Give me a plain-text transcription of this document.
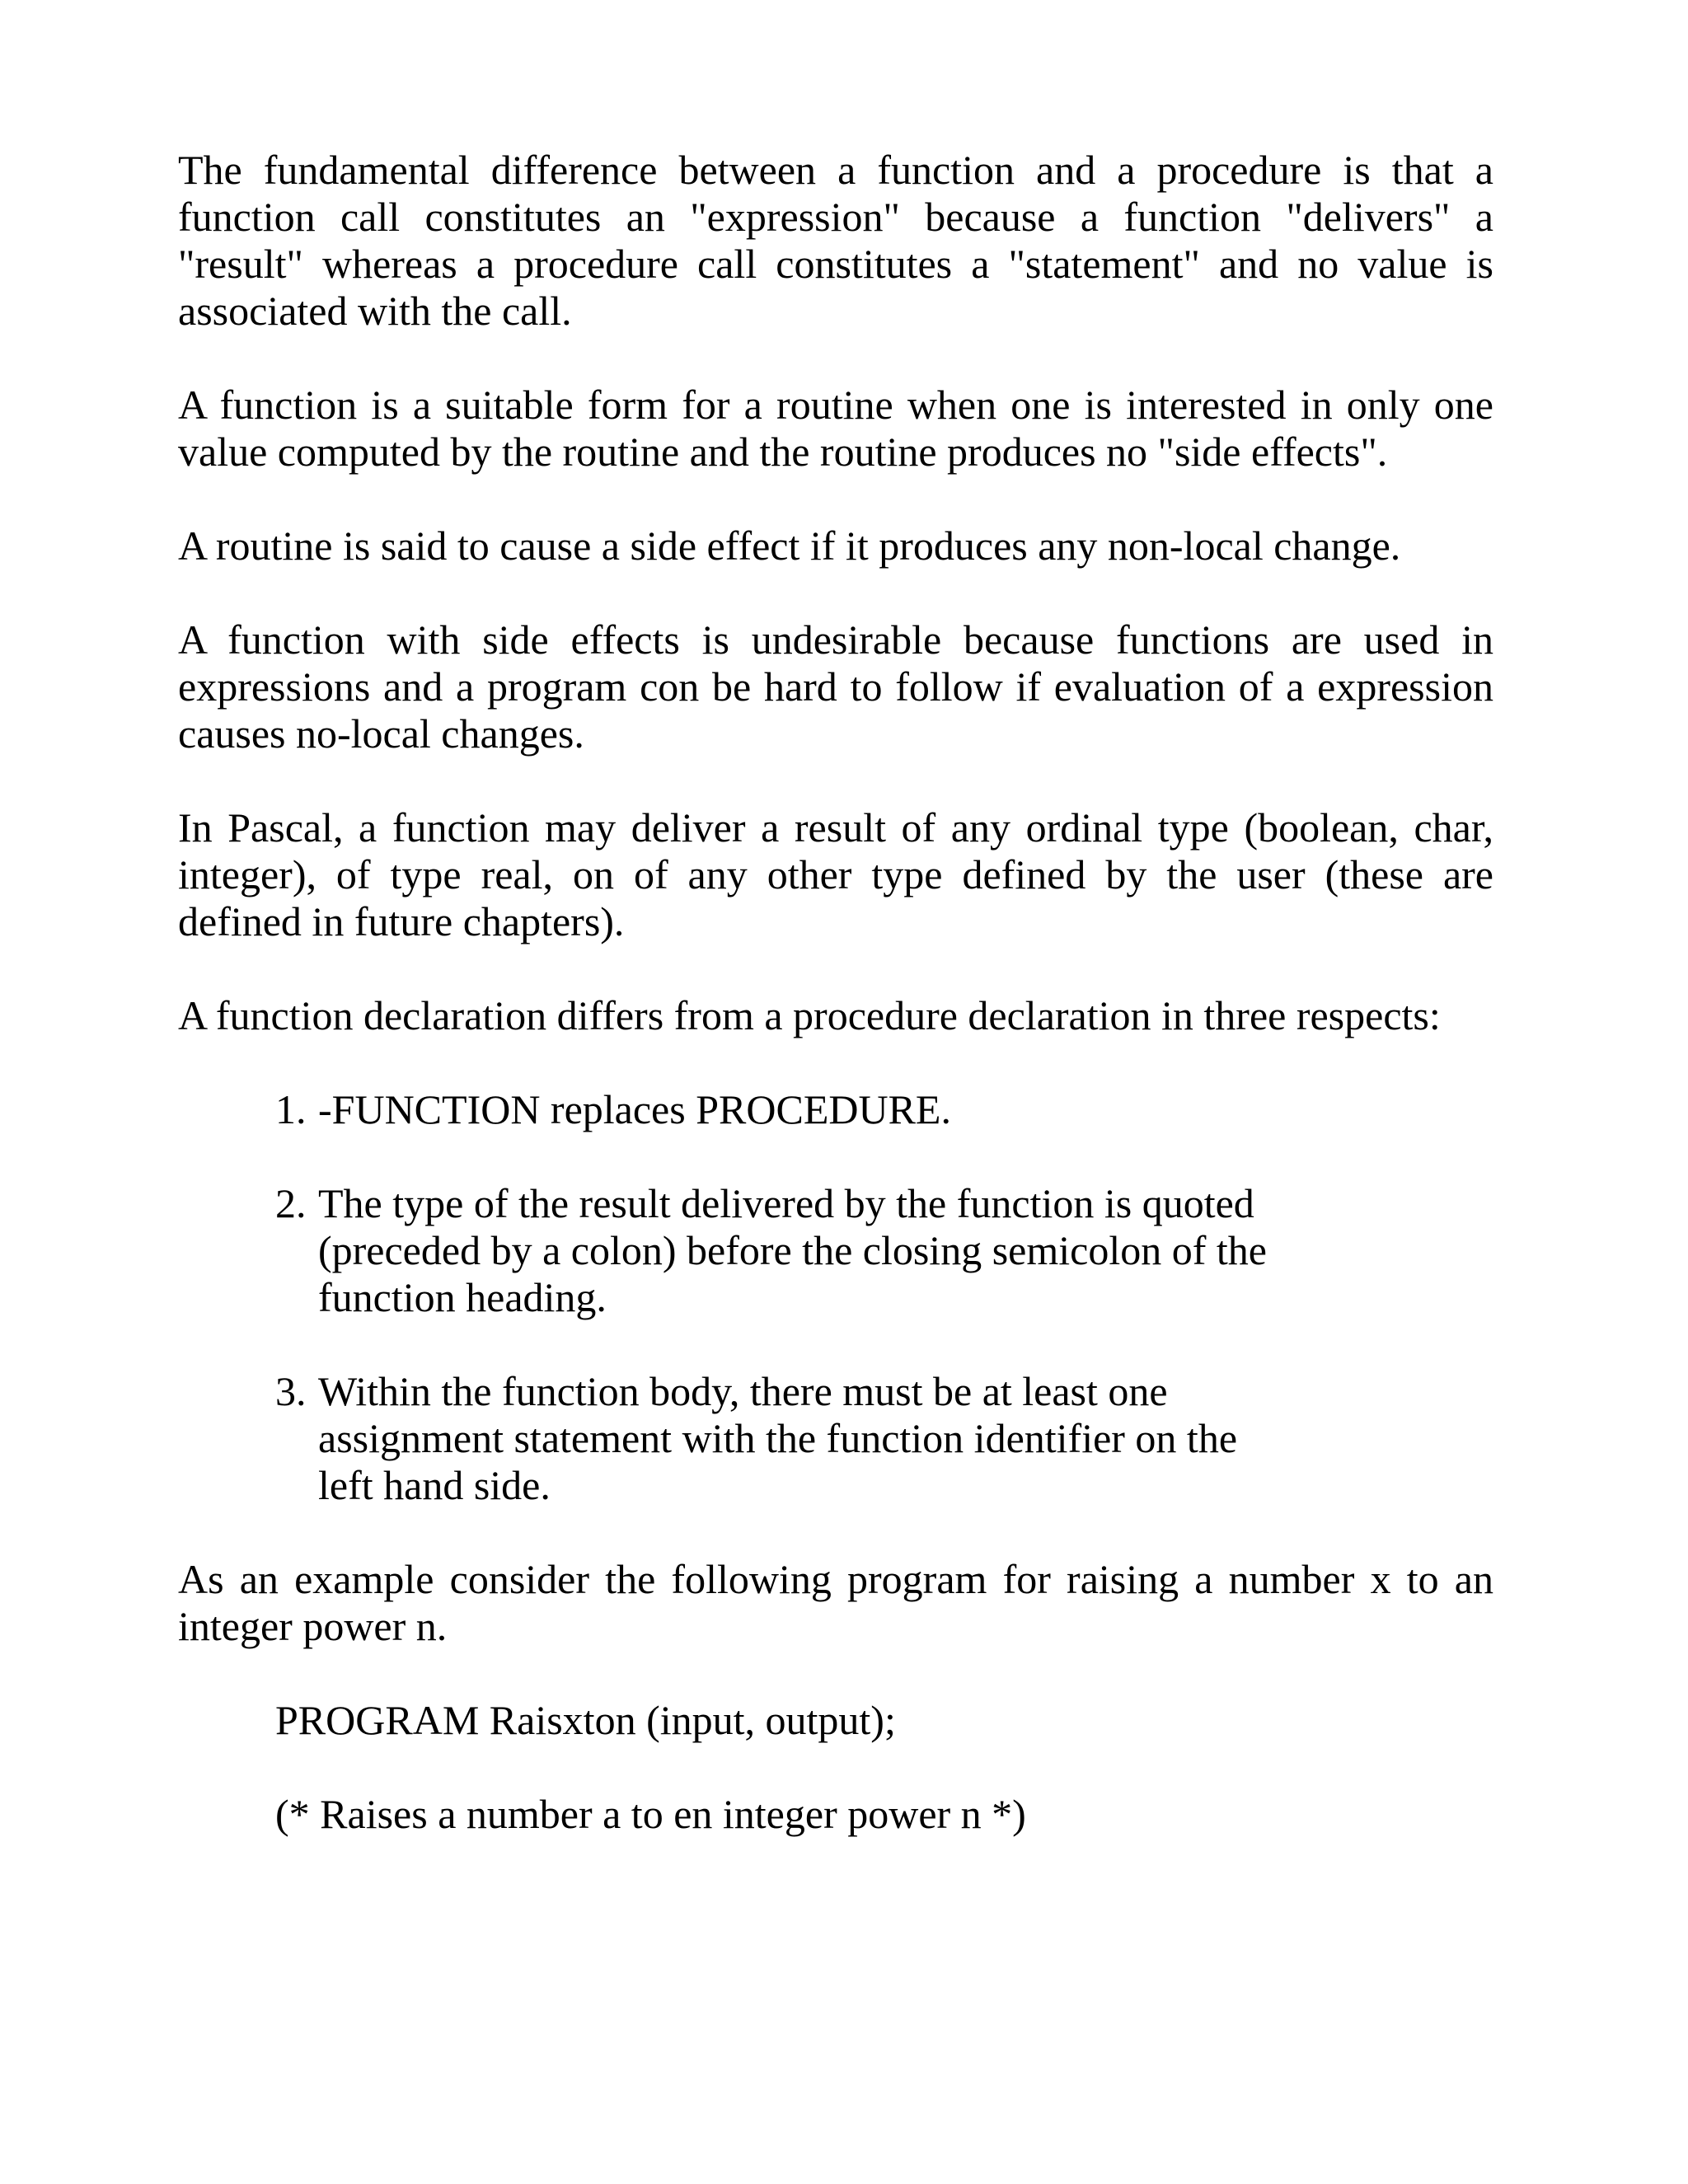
The fundamental difference between a function and a procedure is that a function call constitutes an "expression" because a function "delivers" a "result" whereas a procedure call constitutes a "statement" and no value is associated with the call.

A function is a suitable form for a routine when one is interested in only one value computed by the routine and the routine produces no "side effects".

A routine is said to cause a side effect if it produces any non-local change.

A function with side effects is undesirable because functions are used in expressions and a program con be hard to follow if evaluation of a expression causes no-local changes.

In Pascal, a function may deliver a result of any ordinal type (boolean, char, integer), of type real, on of any other type defined by the user (these are defined in future chapters).

A function declaration differs from a procedure declaration in three respects:

1. -FUNCTION replaces PROCEDURE.
2. The type of the result delivered by the function is quoted (preceded by a colon) before the closing semicolon of the function heading.
3. Within the function body, there must be at least one assignment statement with the function identifier on the left hand side.

As an example consider the following program for raising a number x to an integer power n.

PROGRAM Raisxton (input, output);
(* Raises a number a to en integer power n *)
